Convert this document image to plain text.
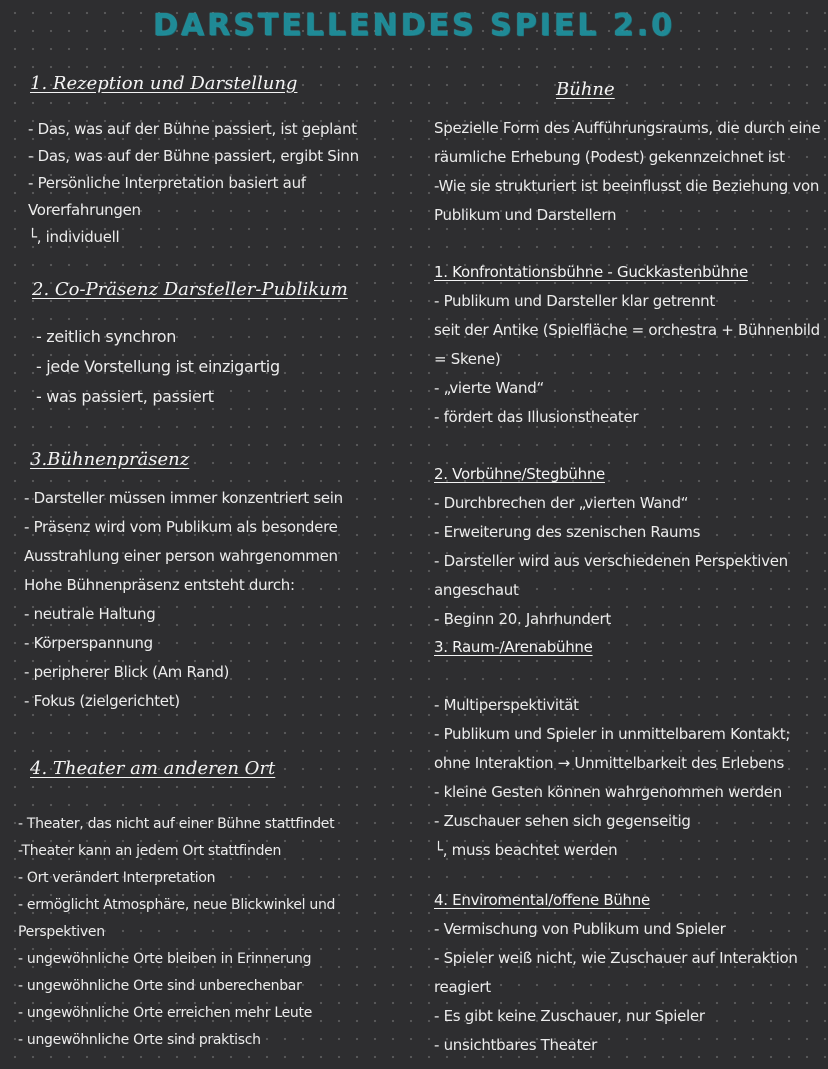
DARSTELLENDES SPIEL 2.0
1. Rezeption und Darstellung
- Das, was auf der Bühne passiert, ist geplant
- Das, was auf der Bühne passiert, ergibt Sinn
- Persönliche Interpretation basiert auf
Vorerfahrungen
└, individuell
2. Co-Präsenz Darsteller-Publikum
- zeitlich synchron
- jede Vorstellung ist einzigartig
- was passiert, passiert
3.Bühnenpräsenz
- Darsteller müssen immer konzentriert sein
- Präsenz wird vom Publikum als besondere
Ausstrahlung einer person wahrgenommen
Hohe Bühnenpräsenz entsteht durch:
- neutrale Haltung
- Körperspannung
- peripherer Blick (Am Rand)
- Fokus (zielgerichtet)
4. Theater am anderen Ort
- Theater, das nicht auf einer Bühne stattfindet
-Theater kann an jedem Ort stattfinden
- Ort verändert Interpretation
- ermöglicht Atmosphäre, neue Blickwinkel und
Perspektiven
- ungewöhnliche Orte bleiben in Erinnerung
- ungewöhnliche Orte sind unberechenbar
- ungewöhnliche Orte erreichen mehr Leute
- ungewöhnliche Orte sind praktisch
Bühne
Spezielle Form des Aufführungsraums, die durch eine
räumliche Erhebung (Podest) gekennzeichnet ist
-Wie sie strukturiert ist beeinflusst die Beziehung von
Publikum und Darstellern
1. Konfrontationsbühne - Guckkastenbühne
- Publikum und Darsteller klar getrennt
seit der Antike (Spielfläche = orchestra + Bühnenbild
= Skene)
- „vierte Wand“
- fördert das Illusionstheater
2. Vorbühne/Stegbühne
- Durchbrechen der „vierten Wand“
- Erweiterung des szenischen Raums
- Darsteller wird aus verschiedenen Perspektiven
angeschaut
- Beginn 20. Jahrhundert
3. Raum-/Arenabühne
- Multiperspektivität
- Publikum und Spieler in unmittelbarem Kontakt;
ohne Interaktion → Unmittelbarkeit des Erlebens
- kleine Gesten können wahrgenommen werden
- Zuschauer sehen sich gegenseitig
└, muss beachtet werden
4. Enviromental/offene Bühne
- Vermischung von Publikum und Spieler
- Spieler weiß nicht, wie Zuschauer auf Interaktion
reagiert
- Es gibt keine Zuschauer, nur Spieler
- unsichtbares Theater
